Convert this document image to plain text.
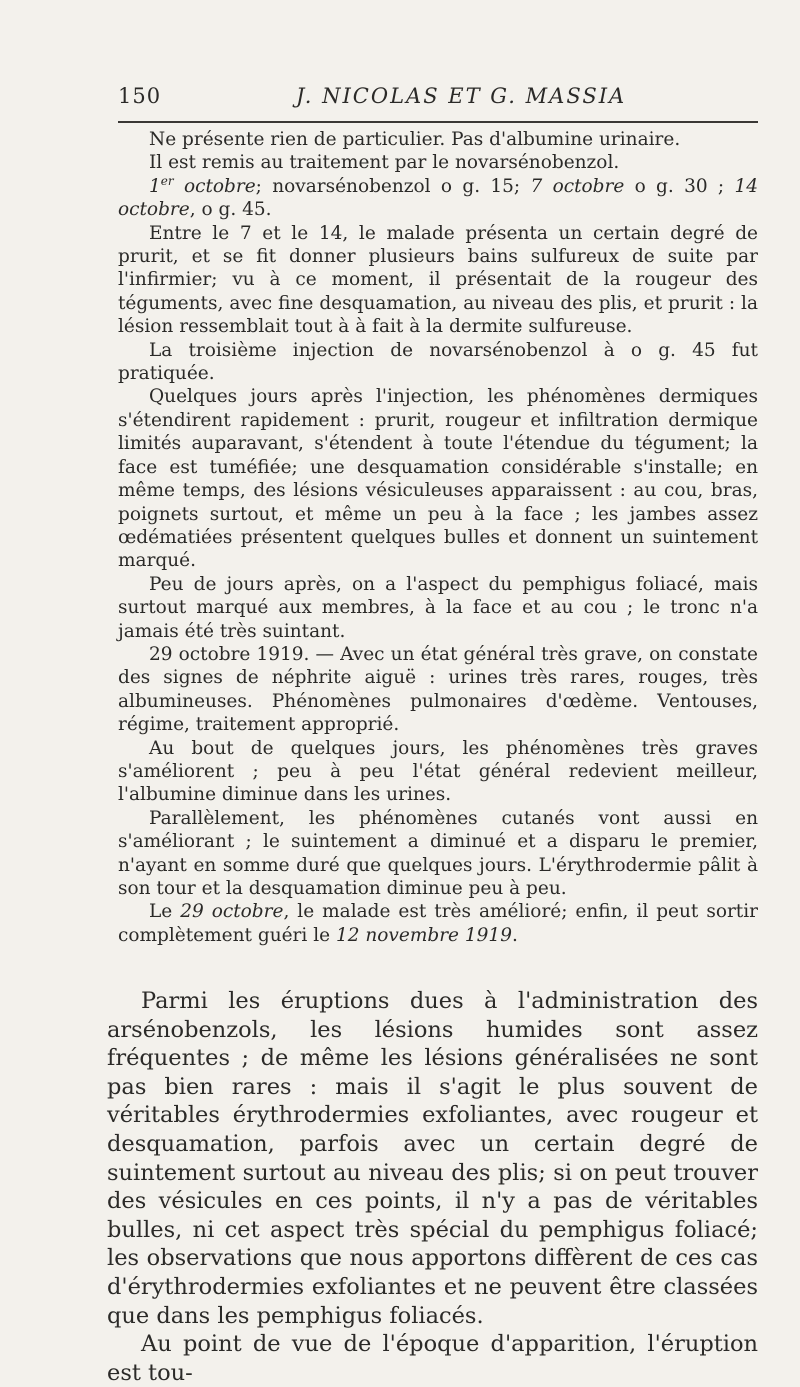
150	J. NICOLAS ET G. MASSIA

Ne présente rien de particulier. Pas d'albumine urinaire.

Il est remis au traitement par le novarsénobenzol.

1er octobre; novarsénobenzol o g. 15; 7 octobre o g. 30 ; 14 octobre, o g. 45.

Entre le 7 et le 14, le malade présenta un certain degré de prurit, et se fit donner plusieurs bains sulfureux de suite par l'infirmier; vu à ce moment, il présentait de la rougeur des téguments, avec fine desquamation, au niveau des plis, et prurit : la lésion ressemblait tout à à fait à la dermite sulfureuse.

La troisième injection de novarsénobenzol à o g. 45 fut pratiquée.

Quelques jours après l'injection, les phénomènes dermiques s'étendirent rapidement : prurit, rougeur et infiltration dermique limités auparavant, s'étendent à toute l'étendue du tégument; la face est tuméfiée; une desquamation considérable s'installe; en même temps, des lésions vésiculeuses apparaissent : au cou, bras, poignets surtout, et même un peu à la face ; les jambes assez œdématiées présentent quelques bulles et donnent un suintement marqué.

Peu de jours après, on a l'aspect du pemphigus foliacé, mais surtout marqué aux membres, à la face et au cou ; le tronc n'a jamais été très suintant.

29 octobre 1919. — Avec un état général très grave, on constate des signes de néphrite aiguë : urines très rares, rouges, très albumineuses. Phénomènes pulmonaires d'œdème. Ventouses, régime, traitement approprié.

Au bout de quelques jours, les phénomènes très graves s'améliorent ; peu à peu l'état général redevient meilleur, l'albumine diminue dans les urines.

Parallèlement, les phénomènes cutanés vont aussi en s'améliorant ; le suintement a diminué et a disparu le premier, n'ayant en somme duré que quelques jours. L'érythrodermie pâlit à son tour et la desquamation diminue peu à peu.

Le 29 octobre, le malade est très amélioré; enfin, il peut sortir complètement guéri le 12 novembre 1919.

Parmi les éruptions dues à l'administration des arsénobenzols, les lésions humides sont assez fréquentes ; de même les lésions généralisées ne sont pas bien rares : mais il s'agit le plus souvent de véritables érythrodermies exfoliantes, avec rougeur et desquamation, parfois avec un certain degré de suintement surtout au niveau des plis; si on peut trouver des vésicules en ces points, il n'y a pas de véritables bulles, ni cet aspect très spécial du pemphigus foliacé; les observations que nous apportons diffèrent de ces cas d'érythrodermies exfoliantes et ne peuvent être classées que dans les pemphigus foliacés.

Au point de vue de l'époque d'apparition, l'éruption est tou-
